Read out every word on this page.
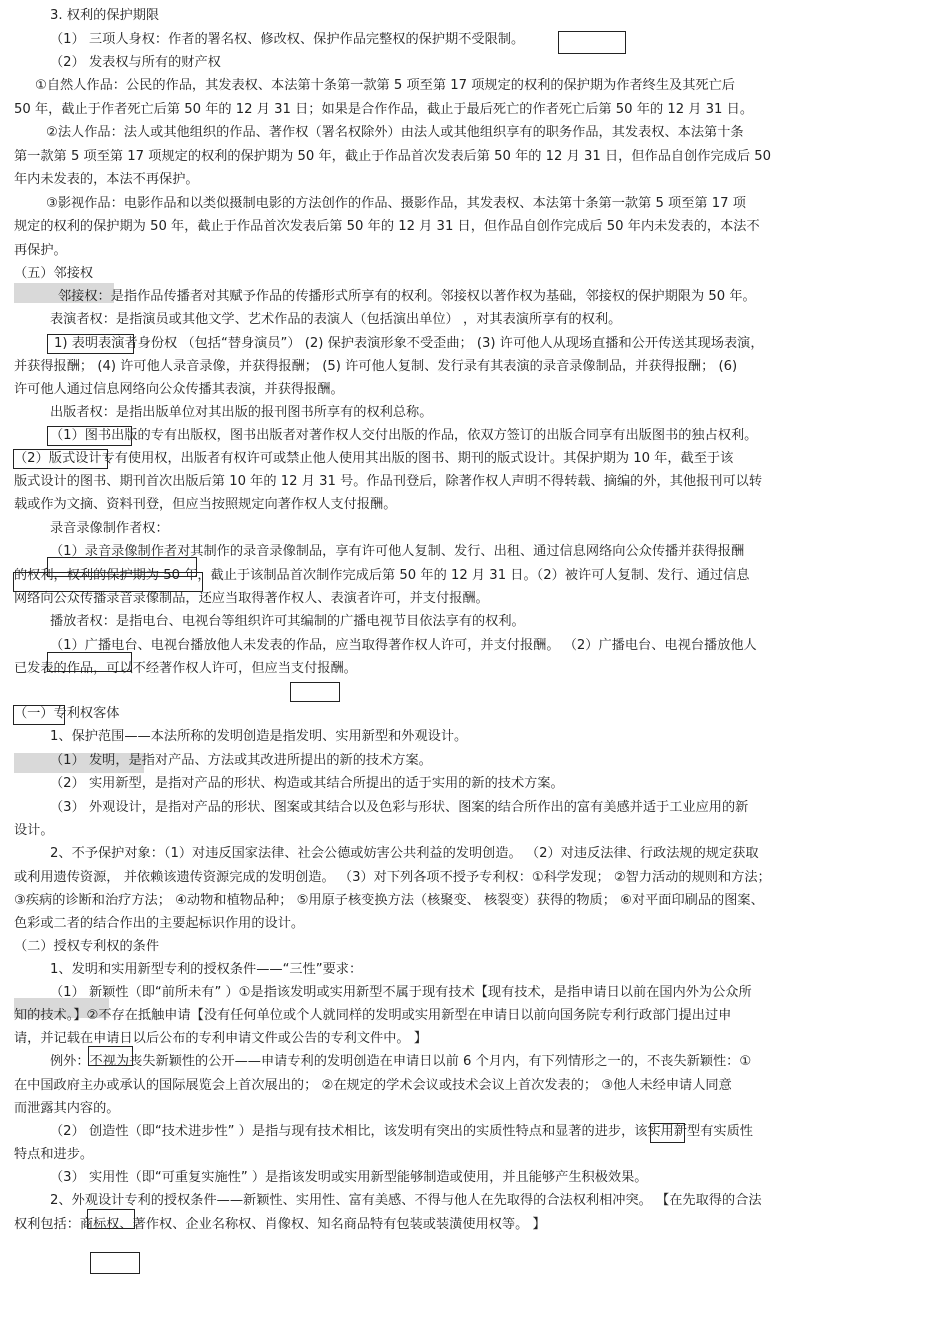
3. 权利的保护期限
（1） 三项人身权：作者的署名权、修改权、保护作品完整权的保护期不受限制。
（2） 发表权与所有的财产权
①自然人作品：公民的作品，其发表权、本法第十条第一款第 5 项至第 17 项规定的权利的保护期为作者终生及其死亡后
50 年，截止于作者死亡后第 50 年的 12 月 31 日；如果是合作作品，截止于最后死亡的作者死亡后第 50 年的 12 月 31 日。
②法人作品：法人或其他组织的作品、著作权（署名权除外）由法人或其他组织享有的职务作品，其发表权、本法第十条
第一款第 5 项至第 17 项规定的权利的保护期为 50 年，截止于作品首次发表后第 50 年的 12 月 31 日，但作品自创作完成后 50
年内未发表的，本法不再保护。
③影视作品：电影作品和以类似摄制电影的方法创作的作品、摄影作品，其发表权、本法第十条第一款第 5 项至第 17 项
规定的权利的保护期为 50 年，截止于作品首次发表后第 50 年的 12 月 31 日，但作品自创作完成后 50 年内未发表的，本法不
再保护。
（五）邻接权
邻接权：是指作品传播者对其赋予作品的传播形式所享有的权利。邻接权以著作权为基础，邻接权的保护期限为 50 年。
表演者权：是指演员或其他文学、艺术作品的表演人（包括演出单位） ，对其表演所享有的权利。
1) 表明表演者身份权 （包括“替身演员”） (2) 保护表演形象不受歪曲； (3) 许可他人从现场直播和公开传送其现场表演，
并获得报酬； (4) 许可他人录音录像，并获得报酬； (5) 许可他人复制、发行录有其表演的录音录像制品，并获得报酬； (6)
许可他人通过信息网络向公众传播其表演，并获得报酬。
出版者权：是指出版单位对其出版的报刊图书所享有的权利总称。
（1）图书出版的专有出版权，图书出版者对著作权人交付出版的作品，依双方签订的出版合同享有出版图书的独占权利。
（2）版式设计专有使用权，出版者有权许可或禁止他人使用其出版的图书、期刊的版式设计。其保护期为 10 年，截至于该
版式设计的图书、期刊首次出版后第 10 年的 12 月 31 号。作品刊登后，除著作权人声明不得转载、摘编的外，其他报刊可以转
载或作为文摘、资料刊登，但应当按照规定向著作权人支付报酬。
录音录像制作者权：
（1）录音录像制作者对其制作的录音录像制品，享有许可他人复制、发行、出租、通过信息网络向公众传播并获得报酬
的权利，权利的保护期为 50 年，截止于该制品首次制作完成后第 50 年的 12 月 31 日。（2）被许可人复制、发行、通过信息
网络向公众传播录音录像制品，还应当取得著作权人、表演者许可，并支付报酬。
播放者权：是指电台、电视台等组织许可其编制的广播电视节目依法享有的权利。
（1）广播电台、电视台播放他人未发表的作品，应当取得著作权人许可，并支付报酬。 （2）广播电台、电视台播放他人
已发表的作品，可以不经著作权人许可，但应当支付报酬。
（一）专利权客体
1、保护范围——本法所称的发明创造是指发明、实用新型和外观设计。
（1） 发明，是指对产品、方法或其改进所提出的新的技术方案。
（2） 实用新型，是指对产品的形状、构造或其结合所提出的适于实用的新的技术方案。
（3） 外观设计，是指对产品的形状、图案或其结合以及色彩与形状、图案的结合所作出的富有美感并适于工业应用的新
设计。
2、不予保护对象：（1）对违反国家法律、社会公德或妨害公共利益的发明创造。 （2）对违反法律、行政法规的规定获取
或利用遗传资源， 并依赖该遗传资源完成的发明创造。 （3）对下列各项不授予专利权：①科学发现； ②智力活动的规则和方法；
③疾病的诊断和治疗方法； ④动物和植物品种； ⑤用原子核变换方法（核聚变、 核裂变）获得的物质； ⑥对平面印刷品的图案、
色彩或二者的结合作出的主要起标识作用的设计。
（二）授权专利权的条件
1、发明和实用新型专利的授权条件——“三性”要求：
（1） 新颖性（即“前所未有” ）①是指该发明或实用新型不属于现有技术【现有技术，是指申请日以前在国内外为公众所
知的技术。】②不存在抵触申请【没有任何单位或个人就同样的发明或实用新型在申请日以前向国务院专利行政部门提出过申
请，并记载在申请日以后公布的专利申请文件或公告的专利文件中。 】
例外：不视为丧失新颖性的公开——申请专利的发明创造在申请日以前 6 个月内，有下列情形之一的，不丧失新颖性：①
在中国政府主办或承认的国际展览会上首次展出的； ②在规定的学术会议或技术会议上首次发表的； ③他人未经申请人同意
而泄露其内容的。
（2） 创造性（即“技术进步性” ）是指与现有技术相比，该发明有突出的实质性特点和显著的进步，该实用新型有实质性
特点和进步。
（3） 实用性（即“可重复实施性” ）是指该发明或实用新型能够制造或使用，并且能够产生积极效果。
2、外观设计专利的授权条件——新颖性、实用性、富有美感、不得与他人在先取得的合法权利相冲突。 【在先取得的合法
权利包括：商标权、著作权、企业名称权、肖像权、知名商品特有包装或装潢使用权等。 】
